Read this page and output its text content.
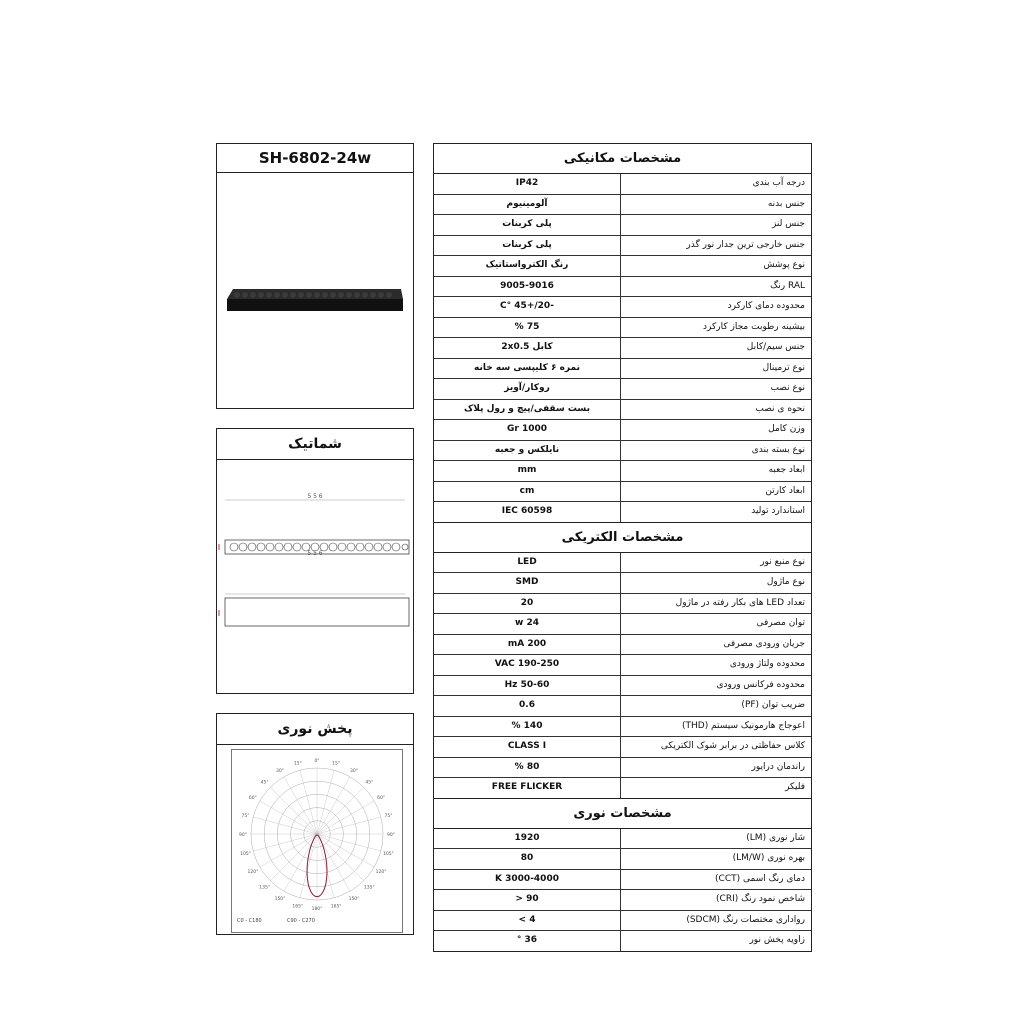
SH-6802-24w
شماتیک
5 5 6
5 5 6
پخش نوری
0°
15°
15°
30°
30°
45°
45°
60°
60°
75°
75°
90°
90°
105°
105°
120°
120°
135°
135°
150°
150°
165°
165°
180°
C0 - C180	C90 - C270
مشخصات مکانیکی
درجه آب بندی
IP42
جنس بدنه
آلومینیوم
جنس لنز
پلی کربنات
جنس خارجی ترین جدار نور گذر
پلی کربنات
نوع پوشش
رنگ الکترواستاتیک
RAL رنگ
9005-9016
محدوده دمای کارکرد
-20/+45 °C
بیشینه رطوبت مجاز کارکرد
75 %
جنس سیم/کابل
کابل 2x0.5
نوع ترمینال
نمره ۶ کلیپسی سه خانه
نوع نصب
روکار/آویز
نحوه ی نصب
بست سقفی/پیچ و رول پلاک
وزن کامل
1000 Gr
نوع بسته بندی
نایلکس و جعبه
ابعاد جعبه
mm
ابعاد کارتن
cm
استاندارد تولید
IEC 60598
مشخصات الکتریکی
نوع منبع نور
LED
نوع ماژول
SMD
تعداد LED های بکار رفته در ماژول
20
توان مصرفی
24 w
جریان ورودی مصرفی
200 mA
محدوده ولتاژ ورودی
190-250 VAC
محدوده فرکانس ورودی
50-60 Hz
ضریب توان (PF)
0.6
اعوجاج هارمونیک سیستم (THD)
140 %
کلاس حفاظتی در برابر شوک الکتریکی
CLASS I
راندمان درایور
80 %
فلیکر
FREE FLICKER
مشخصات نوری
شار نوری (LM)
1920
بهره نوری (LM/W)
80
دمای رنگ اسمی (CCT)
3000-4000 K
شاخص نمود رنگ (CRI)
90 <
رواداری مختصات رنگ (SDCM)
4 >
زاویه پخش نور
36 °
